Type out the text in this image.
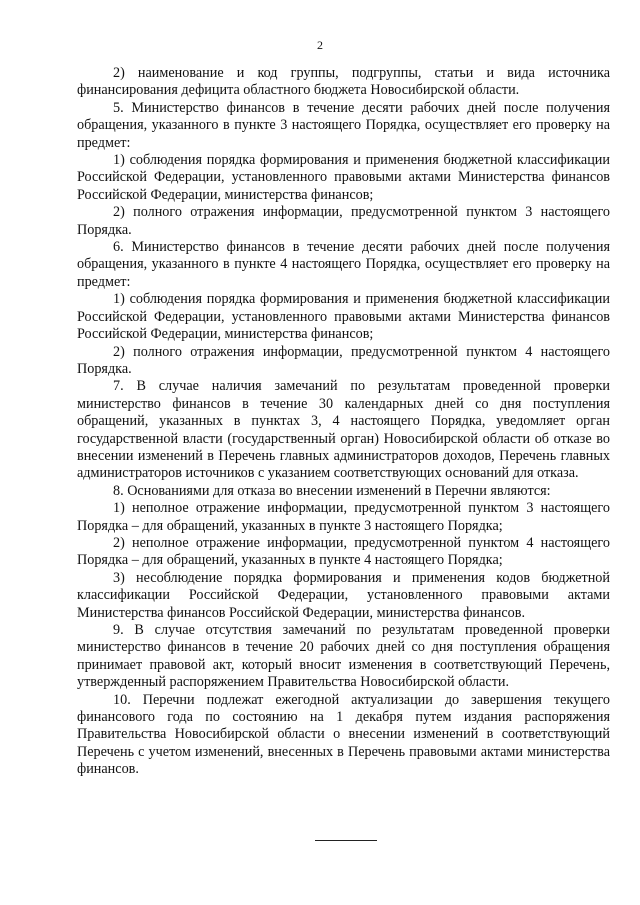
2

2) наименование и код группы, подгруппы, статьи и вида источника финансирования дефицита областного бюджета Новосибирской области.

5. Министерство финансов в течение десяти рабочих дней после получения обращения, указанного в пункте 3 настоящего Порядка, осуществляет его проверку на предмет:

1) соблюдения порядка формирования и применения бюджетной классификации Российской Федерации, установленного правовыми актами Министерства финансов Российской Федерации, министерства финансов;

2) полного отражения информации, предусмотренной пунктом 3 настоящего Порядка.

6. Министерство финансов в течение десяти рабочих дней после получения обращения, указанного в пункте 4 настоящего Порядка, осуществляет его проверку на предмет:

1) соблюдения порядка формирования и применения бюджетной классификации Российской Федерации, установленного правовыми актами Министерства финансов Российской Федерации, министерства финансов;

2) полного отражения информации, предусмотренной пунктом 4 настоящего Порядка.

7. В случае наличия замечаний по результатам проведенной проверки министерство финансов в течение 30 календарных дней со дня поступления обращений, указанных в пунктах 3, 4 настоящего Порядка, уведомляет орган государственной власти (государственный орган) Новосибирской области об отказе во внесении изменений в Перечень главных администраторов доходов, Перечень главных администраторов источников с указанием соответствующих оснований для отказа.

8. Основаниями для отказа во внесении изменений в Перечни являются:

1) неполное отражение информации, предусмотренной пунктом 3 настоящего Порядка – для обращений, указанных в пункте 3 настоящего Порядка;

2) неполное отражение информации, предусмотренной пунктом 4 настоящего Порядка – для обращений, указанных в пункте 4 настоящего Порядка;

3) несоблюдение порядка формирования и применения кодов бюджетной классификации Российской Федерации, установленного правовыми актами Министерства финансов Российской Федерации, министерства финансов.

9. В случае отсутствия замечаний по результатам проведенной проверки министерство финансов в течение 20 рабочих дней со дня поступления обращения принимает правовой акт, который вносит изменения в соответствующий Перечень, утвержденный распоряжением Правительства Новосибирской области.

10. Перечни подлежат ежегодной актуализации до завершения текущего финансового года по состоянию на 1 декабря путем издания распоряжения Правительства Новосибирской области о внесении изменений в соответствующий Перечень с учетом изменений, внесенных в Перечень правовыми актами министерства финансов.
